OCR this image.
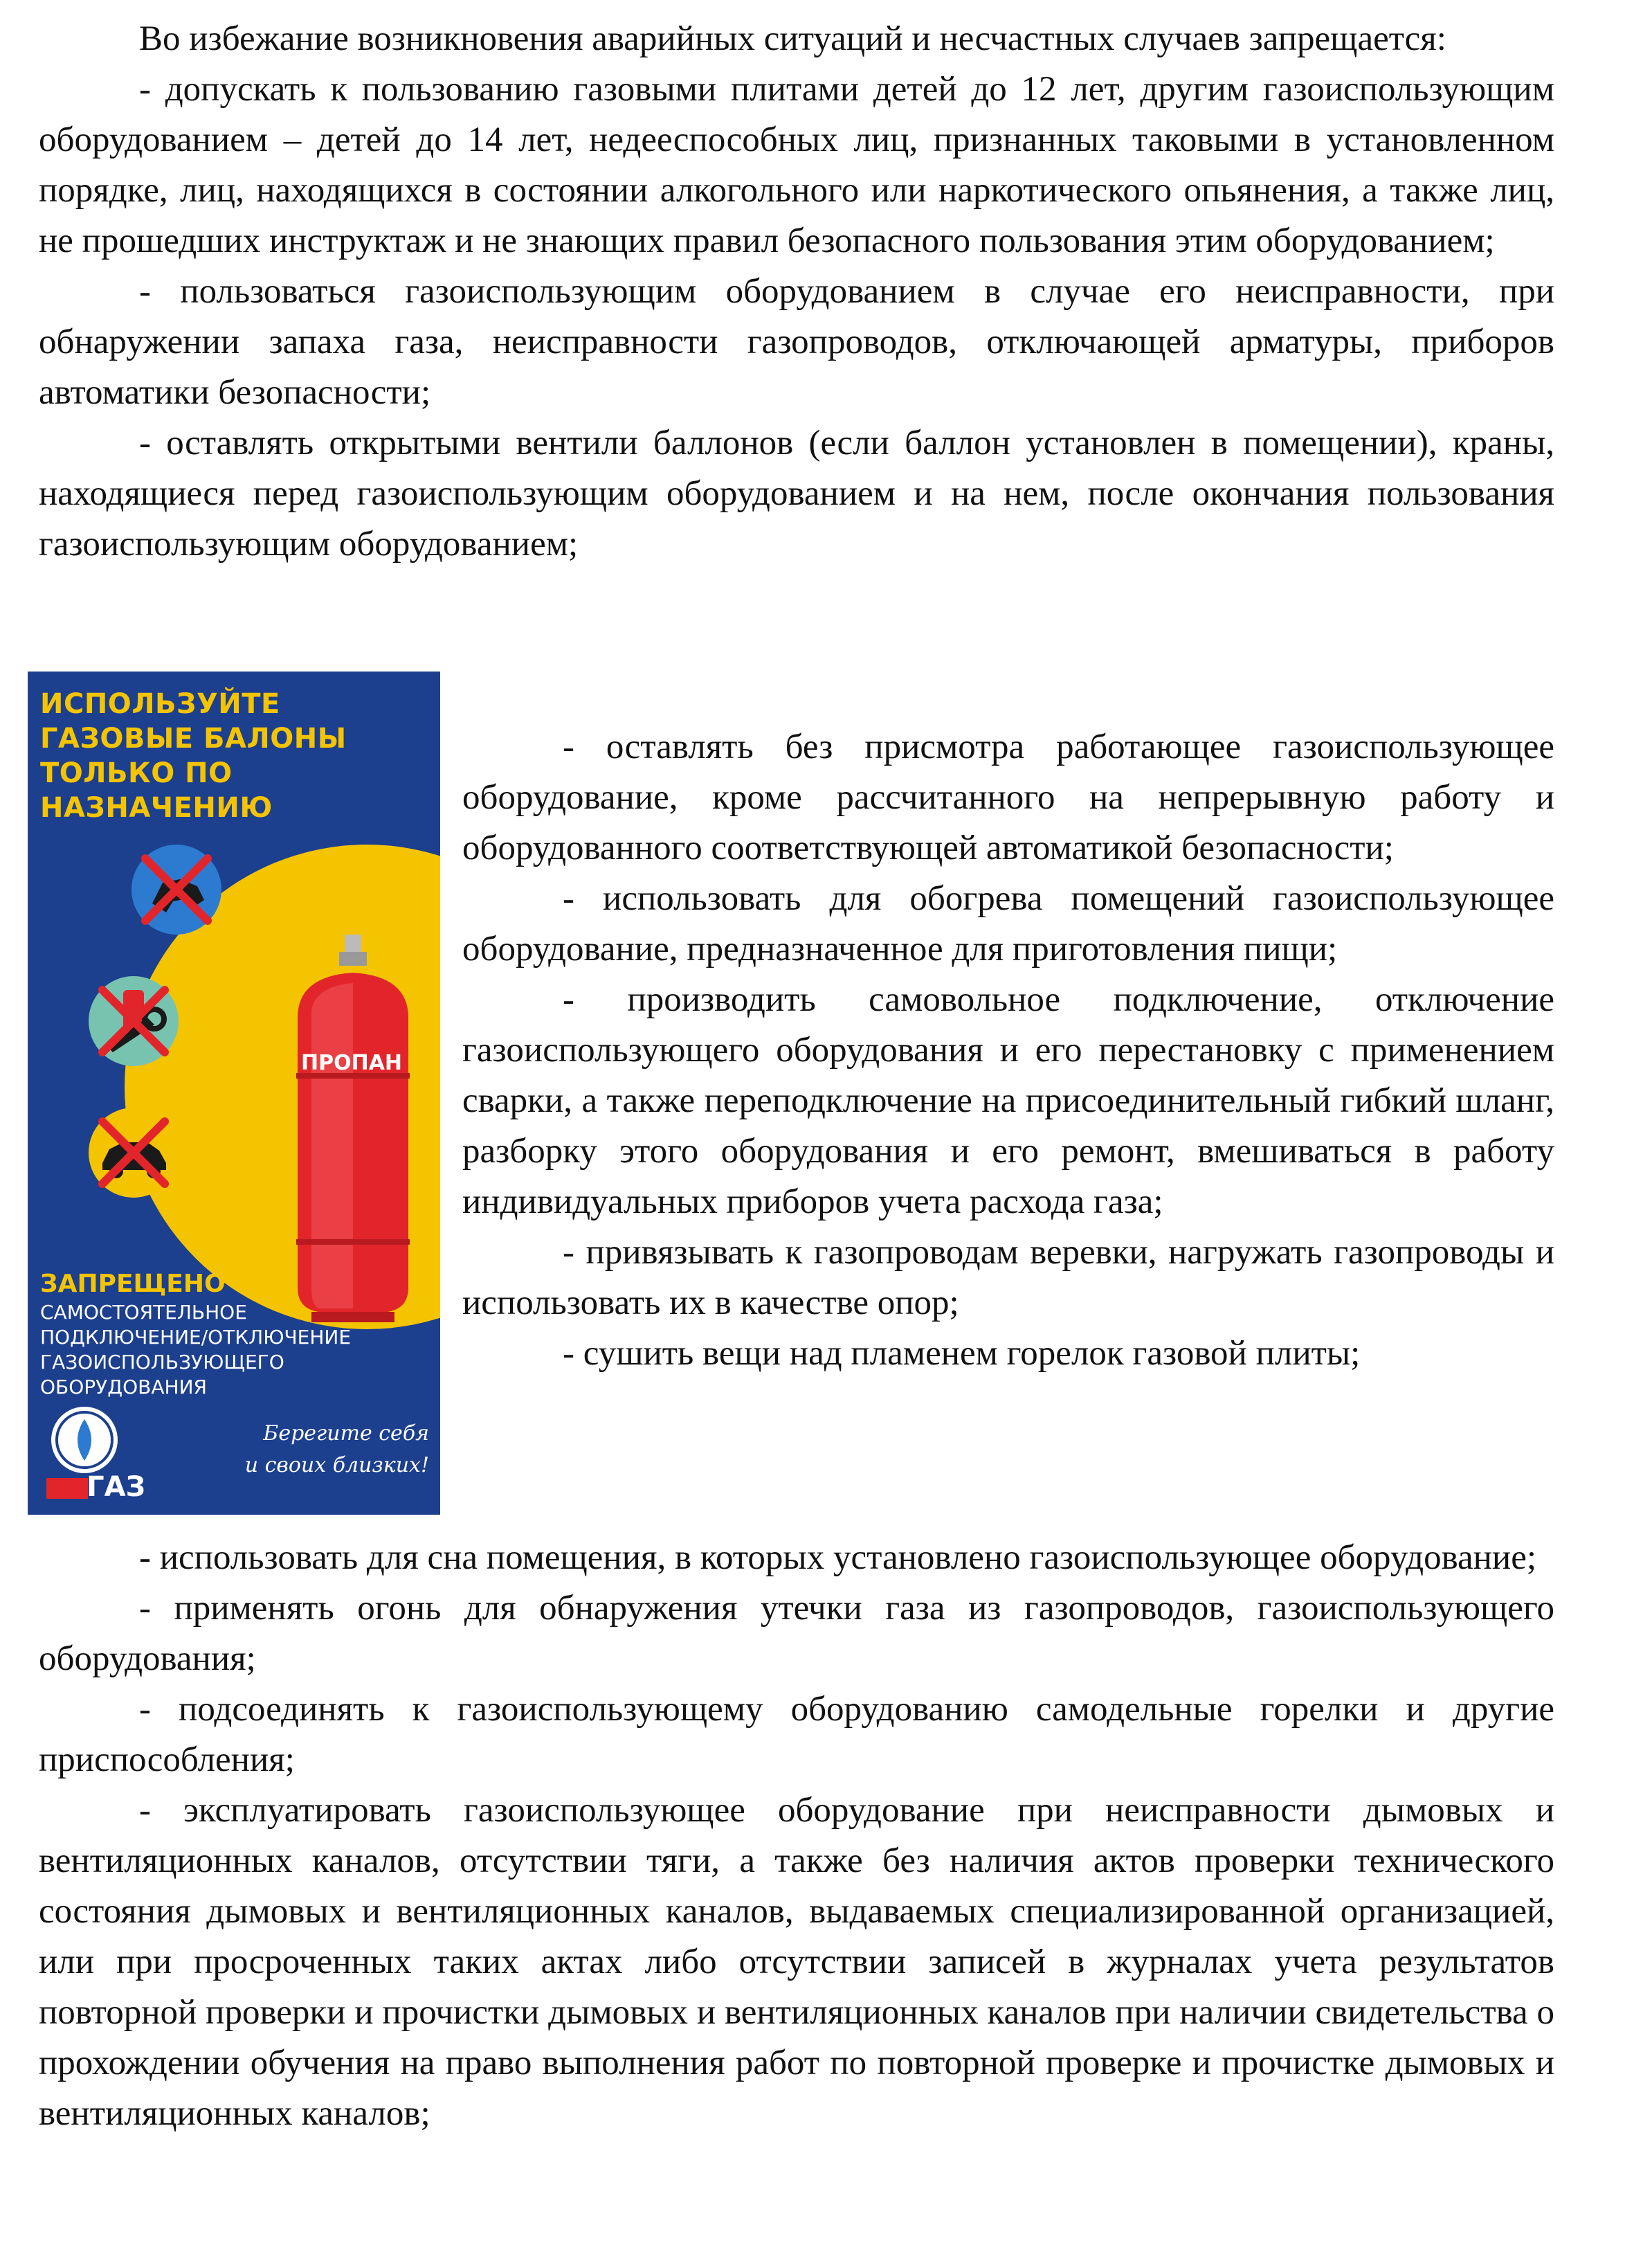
Во избежание возникновения аварийных ситуаций и несчастных случаев запрещается:

- допускать к пользованию газовыми плитами детей до 12 лет, другим газоиспользующим оборудованием – детей до 14 лет, недееспособных лиц, признанных таковыми в установленном порядке, лиц, находящихся в состоянии алкогольного или наркотического опьянения, а также лиц, не прошедших инструктаж и не знающих правил безопасного пользования этим оборудованием;

- пользоваться газоиспользующим оборудованием в случае его неисправности, при обнаружении запаха газа, неисправности газопроводов, отключающей арматуры, приборов автоматики безопасности;

- оставлять открытыми вентили баллонов (если баллон установлен в помещении), краны, находящиеся перед газоиспользующим оборудованием и на нем, после окончания пользования газоиспользующим оборудованием;

ИСПОЛЬЗУЙТЕ
ГАЗОВЫЕ БАЛОНЫ
ТОЛЬКО ПО
НАЗНАЧЕНИЮ
ПРОПАН
ЗАПРЕЩЕНО
САМОСТОЯТЕЛЬНОЕ
ПОДКЛЮЧЕНИЕ/ОТКЛЮЧЕНИЕ
ГАЗОИСПОЛЬЗУЮЩЕГО
ОБОРУДОВАНИЯ
ГАЗ
Берегите себя
и своих близких!

- оставлять без присмотра работающее газоиспользующее оборудование, кроме рассчитанного на непрерывную работу и оборудованного соответствующей автоматикой безопасности;

- использовать для обогрева помещений газоиспользующее оборудование, предназначенное для приготовления пищи;

- производить самовольное подключение, отключение газоиспользующего оборудования и его перестановку с применением сварки, а также переподключение на присоединительный гибкий шланг, разборку этого оборудования и его ремонт, вмешиваться в работу индивидуальных приборов учета расхода газа;

- привязывать к газопроводам веревки, нагружать газопроводы и использовать их в качестве опор;

- сушить вещи над пламенем горелок газовой плиты;

- использовать для сна помещения, в которых установлено газоиспользующее оборудование;

- применять огонь для обнаружения утечки газа из газопроводов, газоиспользующего оборудования;

- подсоединять к газоиспользующему оборудованию самодельные горелки и другие приспособления;

- эксплуатировать газоиспользующее оборудование при неисправности дымовых и вентиляционных каналов, отсутствии тяги, а также без наличия актов проверки технического состояния дымовых и вентиляционных каналов, выдаваемых специализированной организацией, или при просроченных таких актах либо отсутствии записей в журналах учета результатов повторной проверки и прочистки дымовых и вентиляционных каналов при наличии свидетельства о прохождении обучения на право выполнения работ по повторной проверке и прочистке дымовых и вентиляционных каналов;
